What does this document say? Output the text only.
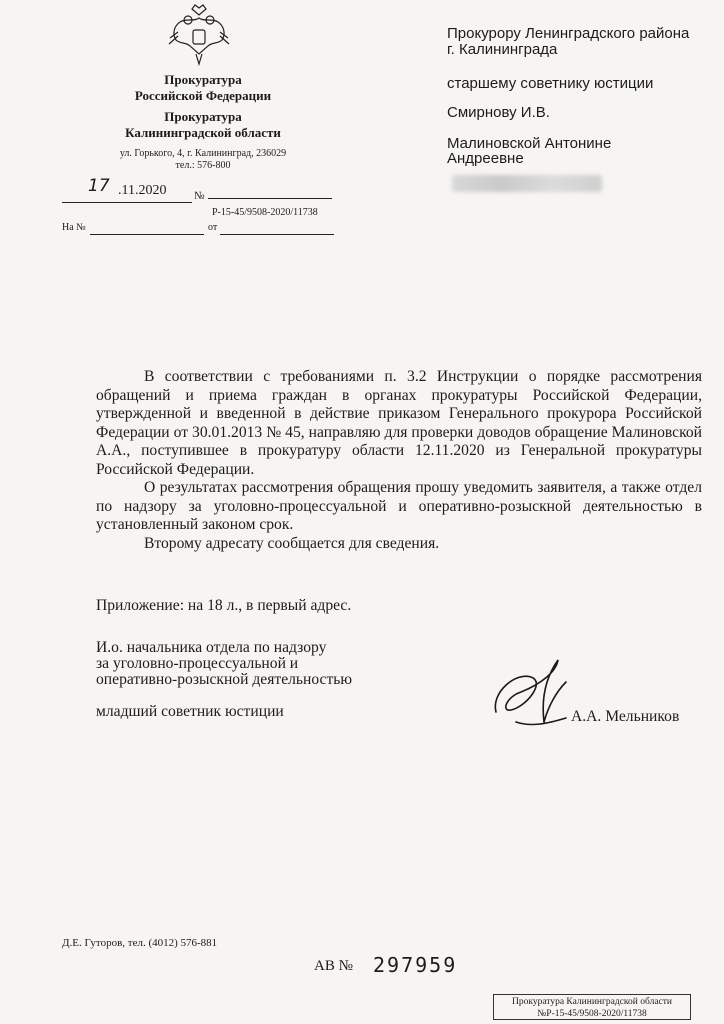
Прокуратура
Российской Федерации
Прокуратура
Калининградской области
ул. Горького, 4, г. Калининград, 236029
тел.: 576-800
17 .11.2020	№
Р-15-45/9508-2020/11738
На №	от
Прокурору Ленинградского района
г. Калининграда
старшему советнику юстиции
Смирнову И.В.
Малиновской Антонине
Андреевне

В соответствии с требованиями п. 3.2 Инструкции о порядке рассмотрения обращений и приема граждан в органах прокуратуры Российской Федерации, утвержденной и введенной в действие приказом Генерального прокурора Российской Федерации от 30.01.2013 № 45, направляю для проверки доводов обращение Малиновской А.А., поступившее в прокуратуру области 12.11.2020 из Генеральной прокуратуры Российской Федерации.

О результатах рассмотрения обращения прошу уведомить заявителя, а также отдел по надзору за уголовно-процессуальной и оперативно-розыскной деятельностью в установленный законом срок.

Второму адресату сообщается для сведения.

Приложение: на 18 л., в первый адрес.
И.о. начальника отдела по надзору
за уголовно-процессуальной и
оперативно-розыскной деятельностью
младший советник юстиции	А.А. Мельников
Д.Е. Гуторов, тел. (4012) 576-881
АВ № 297959
Прокуратура Калининградской области
№Р-15-45/9508-2020/11738
